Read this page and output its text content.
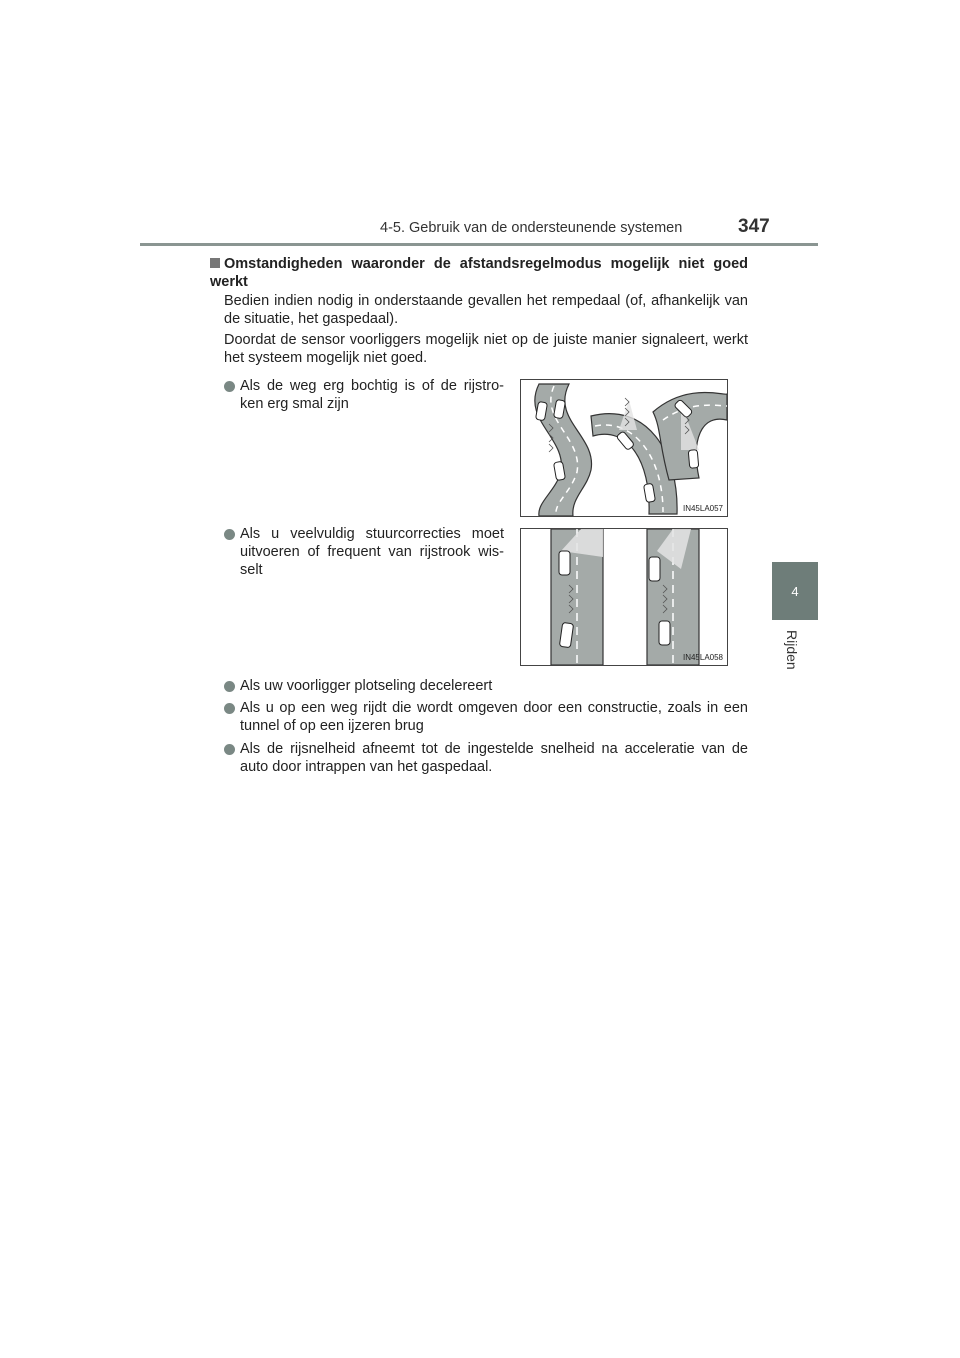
4-5. Gebruik van de ondersteunende systemen	347
4
Rijden
Omstandigheden waaronder de afstandsregelmodus mogelijk niet goed werkt
Bedien indien nodig in onderstaande gevallen het rempedaal (of, afhankelijk van de situatie, het gaspedaal).
Doordat de sensor voorliggers mogelijk niet op de juiste manier signaleert, werkt het systeem mogelijk niet goed.
Als de weg erg bochtig is of de rijstro-ken erg smal zijn
IN45LA057
Als u veelvuldig stuurcorrecties moet uitvoeren of frequent van rijstrook wis-selt
IN45LA058
Als uw voorligger plotseling decelereert
Als u op een weg rijdt die wordt omgeven door een constructie, zoals in een tunnel of op een ijzeren brug
Als de rijsnelheid afneemt tot de ingestelde snelheid na acceleratie van de auto door intrappen van het gaspedaal.
